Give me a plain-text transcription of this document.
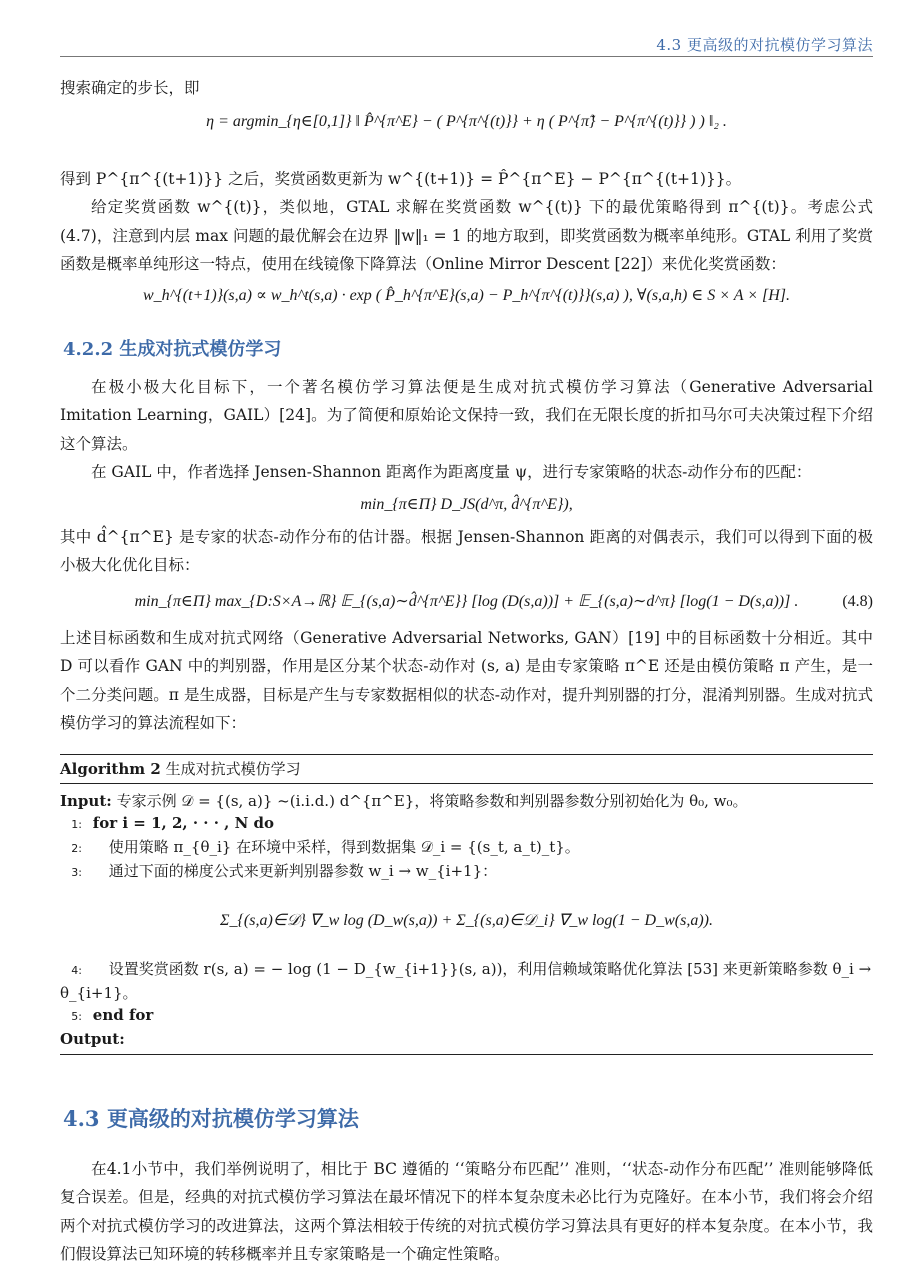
4.3 更高级的对抗模仿学习算法

搜索确定的步长，即

η = argmin_{η∈[0,1]} ‖ P̂^{π^E} − ( P^{π^{(t)}} + η ( P^{π̃} − P^{π^{(t)}} ) ) ‖₂ .

得到 P^{π^{(t+1)}} 之后，奖赏函数更新为 w^{(t+1)} = P̂^{π^E} − P^{π^{(t+1)}}。

给定奖赏函数 w^{(t)}，类似地，GTAL 求解在奖赏函数 w^{(t)} 下的最优策略得到 π^{(t)}。考虑公式 (4.7)，注意到内层 max 问题的最优解会在边界 ‖w‖₁ = 1 的地方取到，即奖赏函数为概率单纯形。GTAL 利用了奖赏函数是概率单纯形这一特点，使用在线镜像下降算法（Online Mirror Descent [22]）来优化奖赏函数：

w_h^{(t+1)}(s,a) ∝ w_h^t(s,a) · exp ( P̂_h^{π^E}(s,a) − P_h^{π^{(t)}}(s,a) ), ∀(s,a,h) ∈ S × A × [H].
4.2.2 生成对抗式模仿学习

在极小极大化目标下，一个著名模仿学习算法便是生成对抗式模仿学习算法（Generative Adversarial Imitation Learning，GAIL）[24]。为了简便和原始论文保持一致，我们在无限长度的折扣马尔可夫决策过程下介绍这个算法。

在 GAIL 中，作者选择 Jensen-Shannon 距离作为距离度量 ψ，进行专家策略的状态-动作分布的匹配：

min_{π∈Π} D_JS(d^π, d̂^{π^E}),

其中 d̂^{π^E} 是专家的状态-动作分布的估计器。根据 Jensen-Shannon 距离的对偶表示，我们可以得到下面的极小极大化优化目标：

min_{π∈Π} max_{D:S×A→ℝ} 𝔼_{(s,a)∼d̂^{π^E}} [log (D(s,a))] + 𝔼_{(s,a)∼d^π} [log(1 − D(s,a))] .	(4.8)

上述目标函数和生成对抗式网络（Generative Adversarial Networks, GAN）[19] 中的目标函数十分相近。其中 D 可以看作 GAN 中的判别器，作用是区分某个状态-动作对 (s, a) 是由专家策略 π^E 还是由模仿策略 π 产生，是一个二分类问题。π 是生成器，目标是产生与专家数据相似的状态-动作对，提升判别器的打分，混淆判别器。生成对抗式模仿学习的算法流程如下：

Algorithm 2 生成对抗式模仿学习
Input: 专家示例 𝒟 = {(s, a)} ~(i.i.d.) d^{π^E}，将策略参数和判别器参数分别初始化为 θ₀, w₀。
1: for i = 1, 2, · · · , N do
2: 使用策略 π_{θ_i} 在环境中采样，得到数据集 𝒟_i = {(s_t, a_t)_t}。
3: 通过下面的梯度公式来更新判别器参数 w_i → w_{i+1}：
Σ_{(s,a)∈𝒟} ∇_w log (D_w(s,a)) + Σ_{(s,a)∈𝒟_i} ∇_w log(1 − D_w(s,a)).
4: 设置奖赏函数 r(s, a) = − log (1 − D_{w_{i+1}}(s, a))，利用信赖域策略优化算法 [53] 来更新策略参数 θ_i → θ_{i+1}。
5: end for
Output:
4.3 更高级的对抗模仿学习算法

在4.1小节中，我们举例说明了，相比于 BC 遵循的 ‘‘策略分布匹配’’ 准则，‘‘状态-动作分布匹配’’ 准则能够降低复合误差。但是，经典的对抗式模仿学习算法在最坏情况下的样本复杂度未必比行为克隆好。在本小节，我们将会介绍两个对抗式模仿学习的改进算法，这两个算法相较于传统的对抗式模仿学习算法具有更好的样本复杂度。在本小节，我们假设算法已知环境的转移概率并且专家策略是一个确定性策略。
